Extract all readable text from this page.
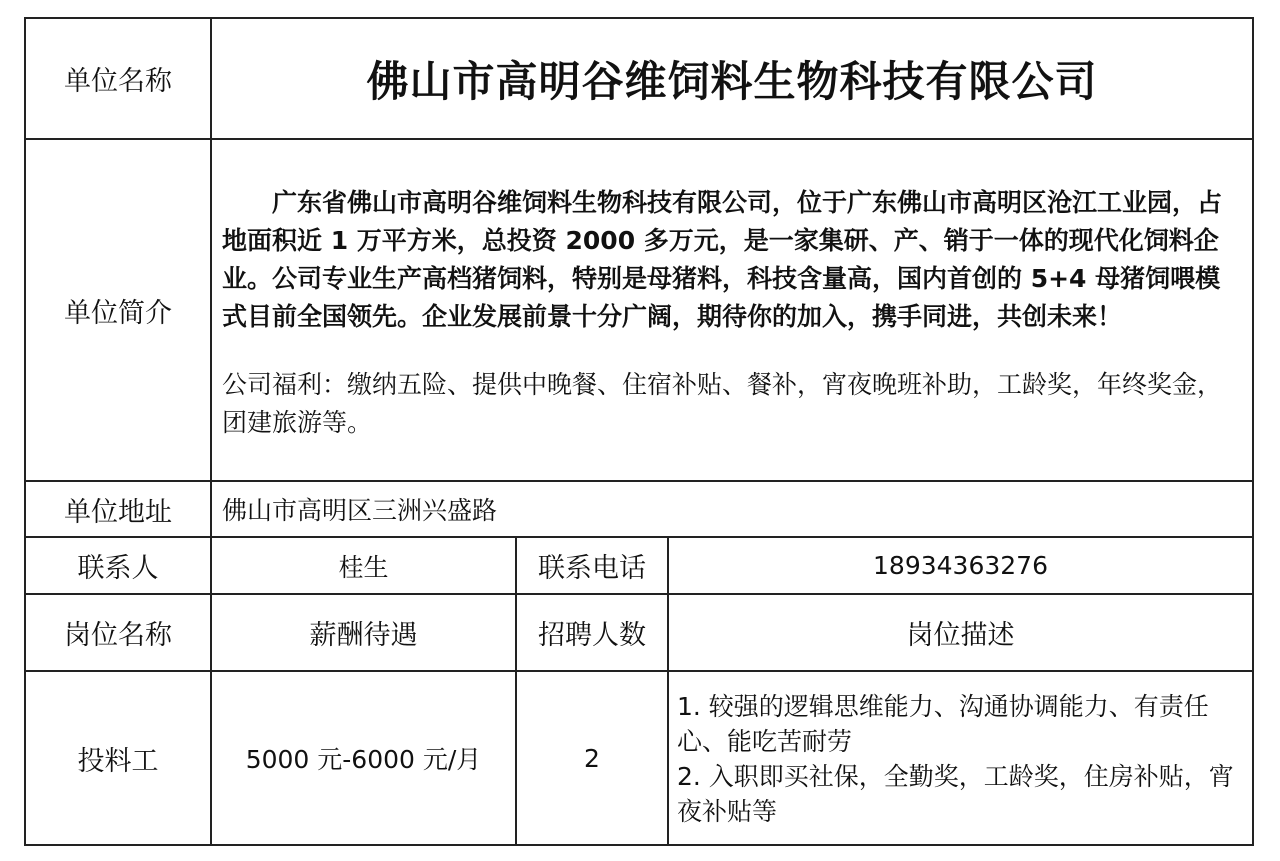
单位名称	佛山市高明谷维饲料生物科技有限公司		
单位简介	广东省佛山市高明谷维饲料生物科技有限公司，位于广东佛山市高明区沧江工业园，占地面积近 1 万平方米，总投资 2000 多万元，是一家集研、产、销于一体的现代化饲料企业。公司专业生产高档猪饲料，特别是母猪料，科技含量高，国内首创的 5+4 母猪饲喂模式目前全国领先。企业发展前景十分广阔，期待你的加入，携手同进，共创未来！

公司福利：缴纳五险、提供中晚餐、住宿补贴、餐补，宵夜晚班补助，工龄奖，年终奖金，团建旅游等。		

单位地址	佛山市高明区三洲兴盛路		
联系人	桂生	联系电话	18934363276
岗位名称	薪酬待遇	招聘人数	岗位描述
投料工	5000 元-6000 元/月	2	1. 较强的逻辑思维能力、沟通协调能力、有责任心、能吃苦耐劳

2. 入职即买社保，全勤奖，工龄奖，住房补贴，宵夜补贴等
